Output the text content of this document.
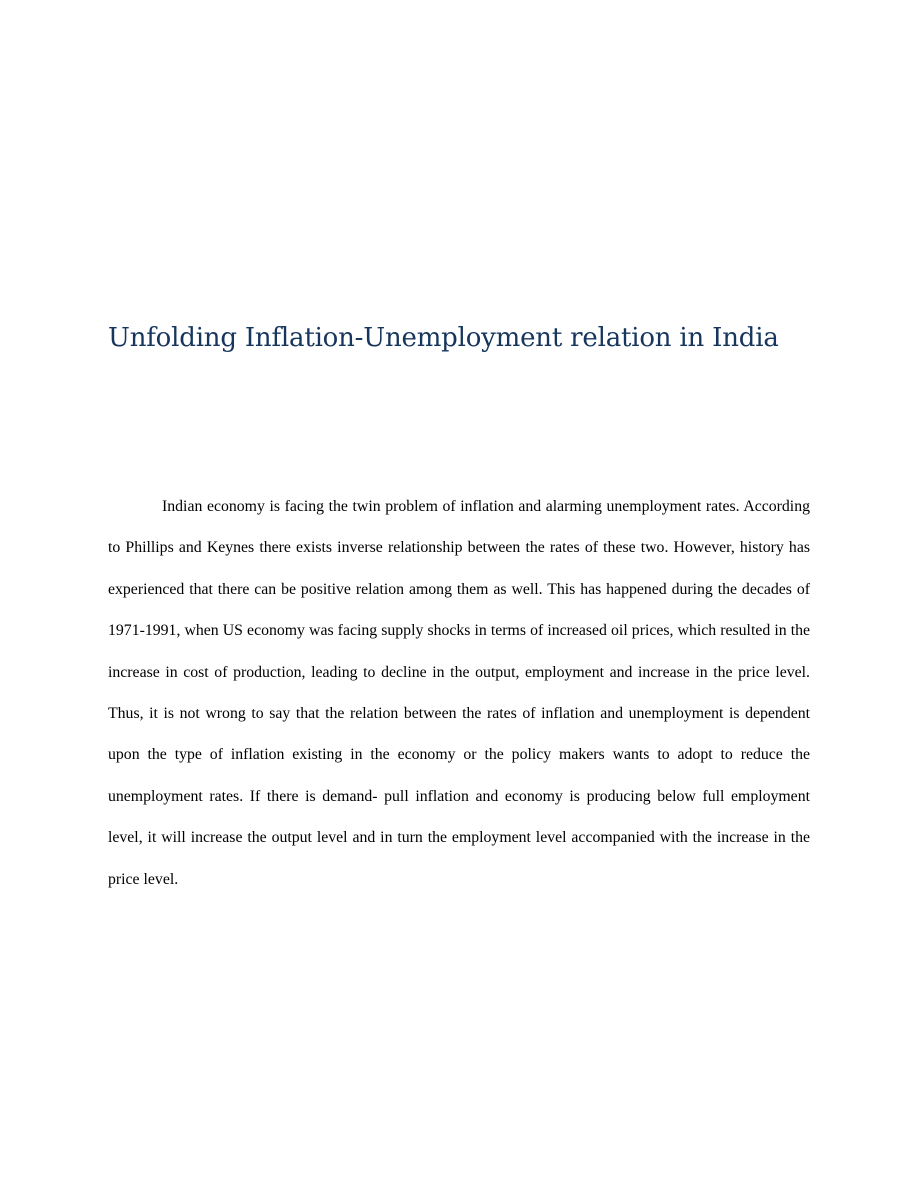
Unfolding Inflation-Unemployment relation in India

Indian economy is facing the twin problem of inflation and alarming unemployment rates. According to Phillips and Keynes there exists inverse relationship between the rates of these two. However, history has experienced that there can be positive relation among them as well. This has happened during the decades of 1971-1991, when US economy was facing supply shocks in terms of increased oil prices, which resulted in the increase in cost of production, leading to decline in the output, employment and increase in the price level. Thus, it is not wrong to say that the relation between the rates of inflation and unemployment is dependent upon the type of inflation existing in the economy or the policy makers wants to adopt to reduce the unemployment rates. If there is demand- pull inflation and economy is producing below full employment level, it will increase the output level and in turn the employment level accompanied with the increase in the price level.
